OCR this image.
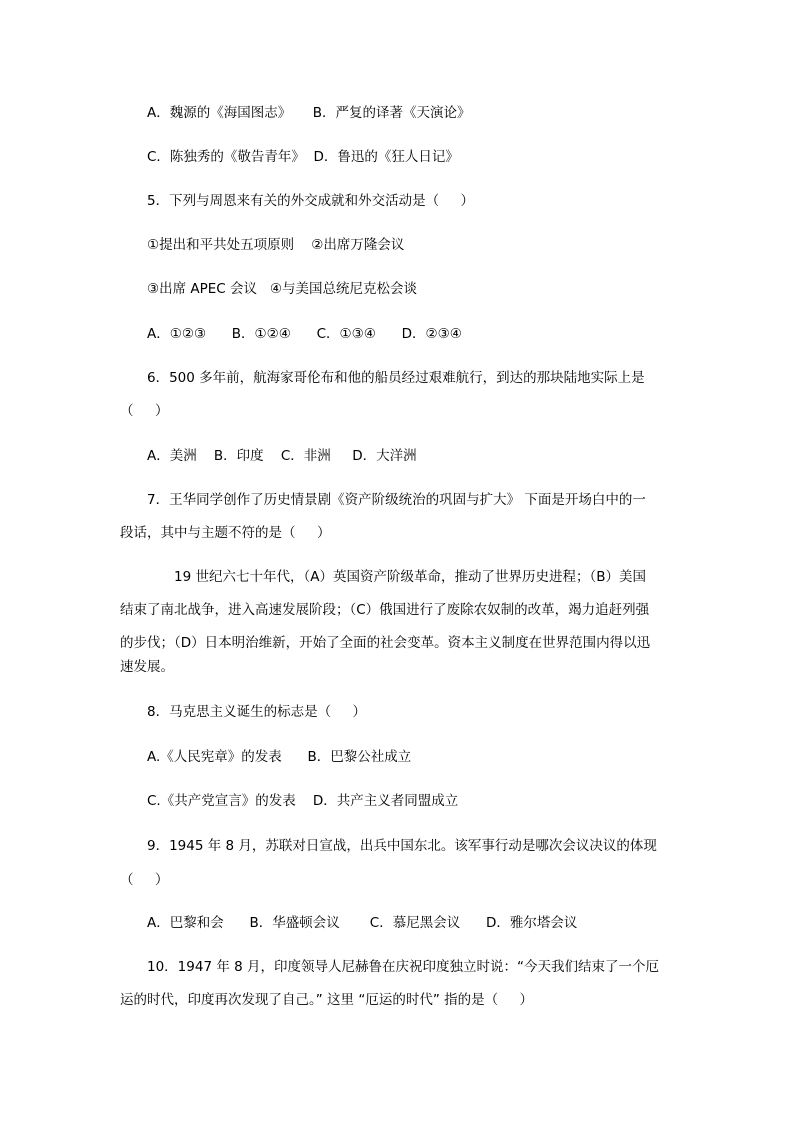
A．魏源的《海国图志》     B．严复的译著《天演论》
C．陈独秀的《敬告青年》  D．鲁迅的《狂人日记》
5．下列与周恩来有关的外交成就和外交活动是（     ）
①提出和平共处五项原则    ②出席万隆会议
③出席 APEC 会议   ④与美国总统尼克松会谈
A．①②③      B．①②④      C．①③④      D．②③④
6．500 多年前，航海家哥伦布和他的船员经过艰难航行，到达的那块陆地实际上是
（     ）
A．美洲    B．印度    C．非洲     D．大洋洲
7．王华同学创作了历史情景剧《资产阶级统治的巩固与扩大》 下面是开场白中的一
段话，其中与主题不符的是（     ）
19 世纪六七十年代，（A）英国资产阶级革命，推动了世界历史进程；（B）美国
结束了南北战争，进入高速发展阶段；（C）俄国进行了废除农奴制的改革，竭力追赶列强
的步伐；（D）日本明治维新，开始了全面的社会变革。资本主义制度在世界范围内得以迅
速发展。
8．马克思主义诞生的标志是（     ）
A.《人民宪章》的发表      B．巴黎公社成立
C.《共产党宣言》的发表    D．共产主义者同盟成立
9．1945 年 8 月，苏联对日宣战，出兵中国东北。该军事行动是哪次会议决议的体现
（     ）
A．巴黎和会      B．华盛顿会议       C．慕尼黑会议      D．雅尔塔会议
10．1947 年 8 月，印度领导人尼赫鲁在庆祝印度独立时说：“今天我们结束了一个厄
运的时代，印度再次发现了自己。” 这里 “厄运的时代” 指的是（     ）
